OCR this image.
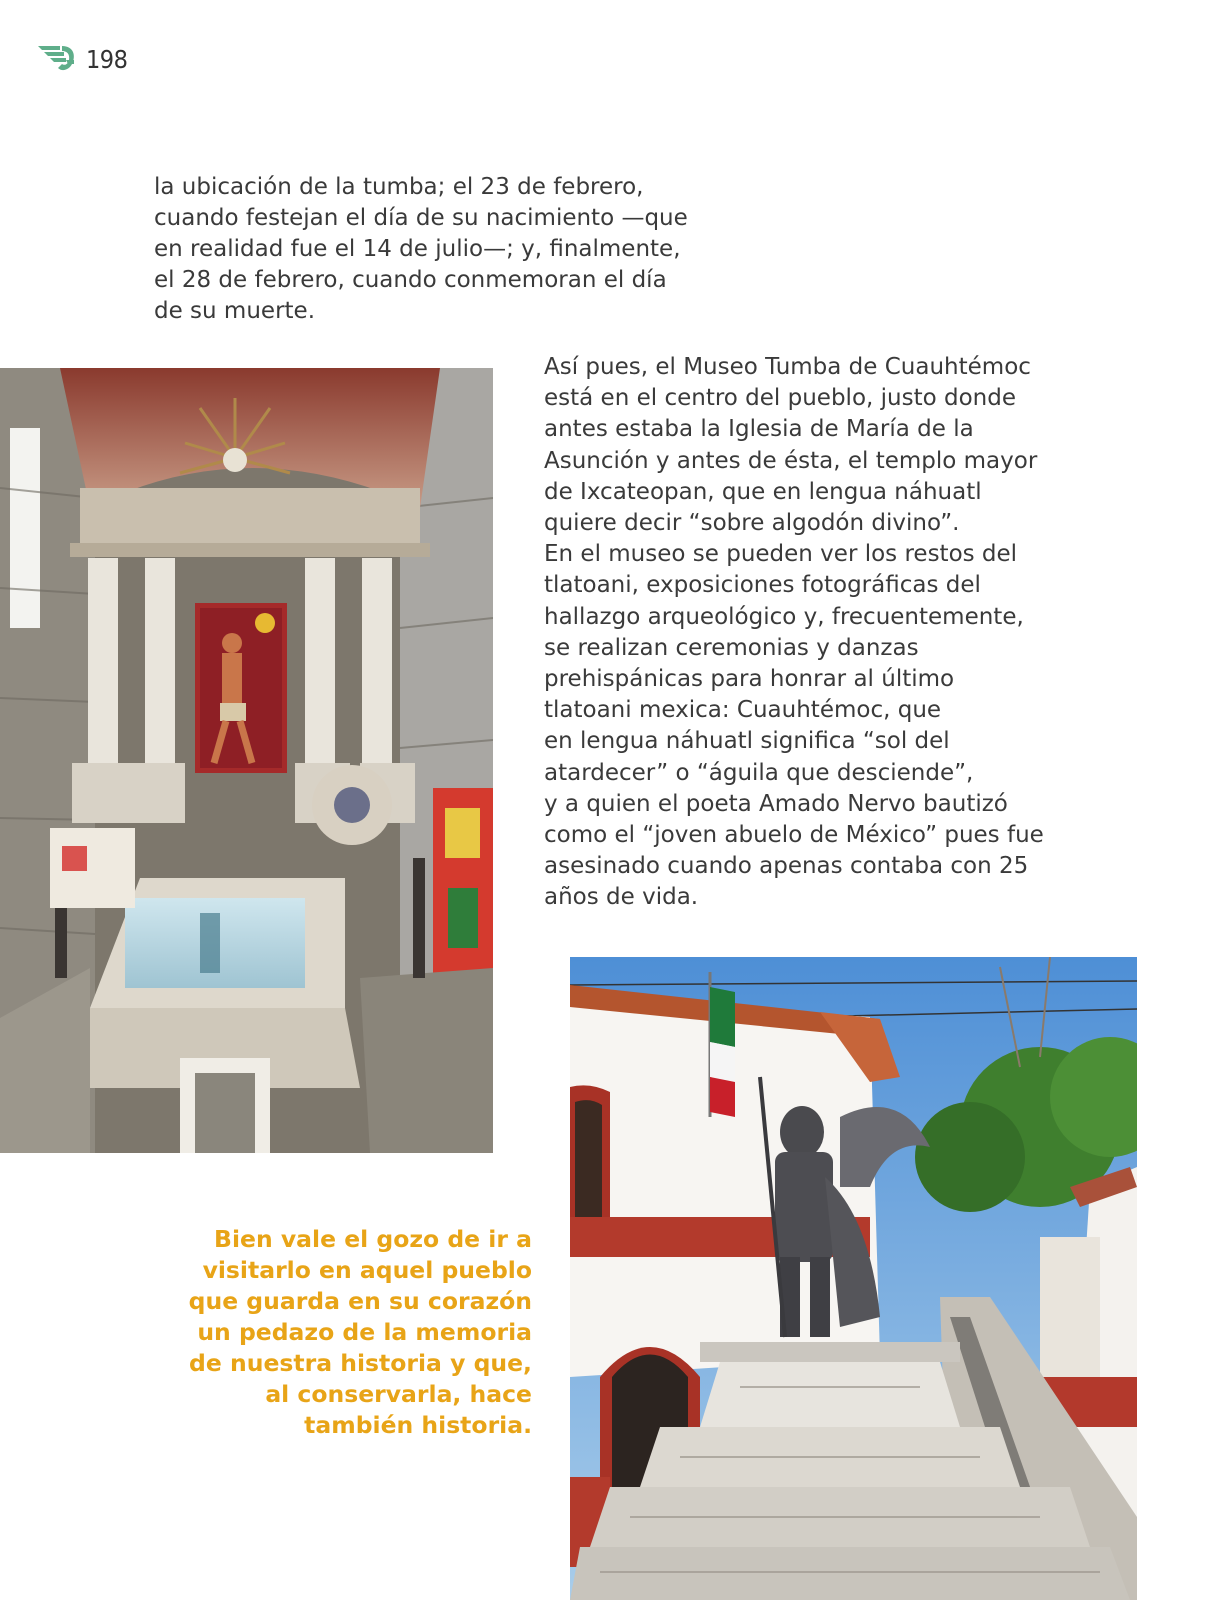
198

la ubicación de la tumba; el 23 de febrero,
cuando festejan el día de su nacimiento —que
en realidad fue el 14 de julio—; y, finalmente,
el 28 de febrero, cuando conmemoran el día
de su muerte.

Así pues, el Museo Tumba de Cuauhtémoc
está en el centro del pueblo, justo donde
antes estaba la Iglesia de María de la
Asunción y antes de ésta, el templo mayor
de Ixcateopan, que en lengua náhuatl
quiere decir “sobre algodón divino”.
En el museo se pueden ver los restos del
tlatoani, exposiciones fotográficas del
hallazgo arqueológico y, frecuentemente,
se realizan ceremonias y danzas
prehispánicas para honrar al último
tlatoani mexica: Cuauhtémoc, que
en lengua náhuatl significa “sol del
atardecer” o “águila que desciende”,
y a quien el poeta Amado Nervo bautizó
como el “joven abuelo de México” pues fue
asesinado cuando apenas contaba con 25
años de vida.

Bien vale el gozo de ir a
visitarlo en aquel pueblo
que guarda en su corazón
un pedazo de la memoria
de nuestra historia y que,
al conservarla, hace
también historia.
